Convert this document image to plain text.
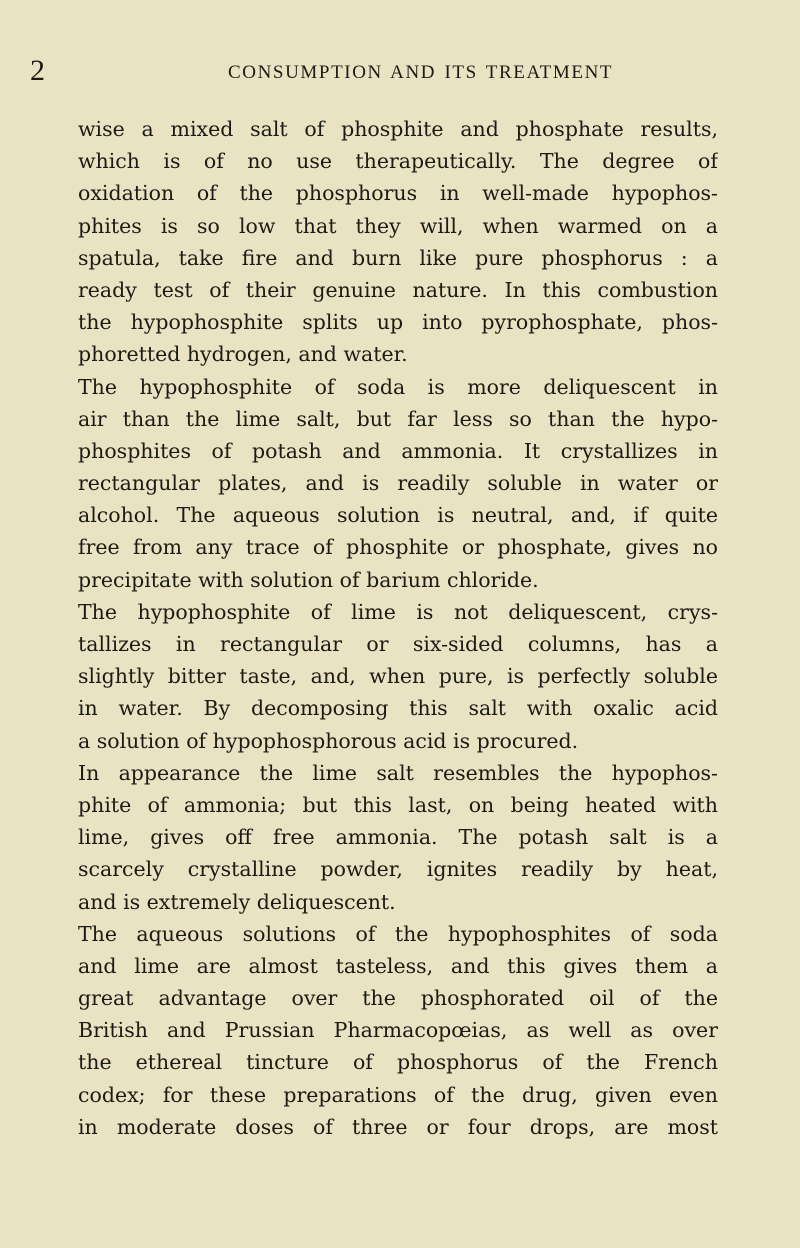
2	CONSUMPTION AND ITS TREATMENT
wise a mixed salt of phosphite and phosphate results,
which is of no use therapeutically. The degree of
oxidation of the phosphorus in well-made hypophos-
phites is so low that they will, when warmed on a
spatula, take fire and burn like pure phosphorus : a
ready test of their genuine nature. In this combustion
the hypophosphite splits up into pyrophosphate, phos-
phoretted hydrogen, and water.
The hypophosphite of soda is more deliquescent in
air than the lime salt, but far less so than the hypo-
phosphites of potash and ammonia. It crystallizes in
rectangular plates, and is readily soluble in water or
alcohol. The aqueous solution is neutral, and, if quite
free from any trace of phosphite or phosphate, gives no
precipitate with solution of barium chloride.
The hypophosphite of lime is not deliquescent, crys-
tallizes in rectangular or six-sided columns, has a
slightly bitter taste, and, when pure, is perfectly soluble
in water. By decomposing this salt with oxalic acid
a solution of hypophosphorous acid is procured.
In appearance the lime salt resembles the hypophos-
phite of ammonia; but this last, on being heated with
lime, gives off free ammonia. The potash salt is a
scarcely crystalline powder, ignites readily by heat,
and is extremely deliquescent.
The aqueous solutions of the hypophosphites of soda
and lime are almost tasteless, and this gives them a
great advantage over the phosphorated oil of the
British and Prussian Pharmacopœias, as well as over
the ethereal tincture of phosphorus of the French
codex; for these preparations of the drug, given even
in moderate doses of three or four drops, are most
